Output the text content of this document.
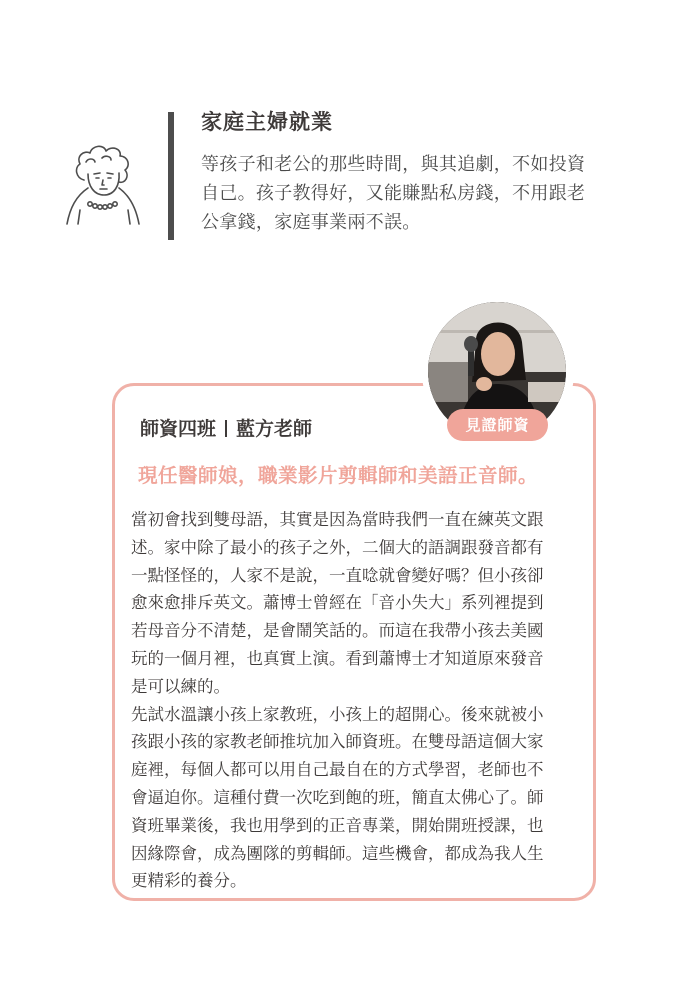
家庭主婦就業
等孩子和老公的那些時間，與其追劇，不如投資
自己。孩子教得好，又能賺點私房錢，不用跟老
公拿錢，家庭事業兩不誤。
見證師資
師資四班 藍方老師
現任醫師娘，職業影片剪輯師和美語正音師。
當初會找到雙母語，其實是因為當時我們一直在練英文跟
述。家中除了最小的孩子之外，二個大的語調跟發音都有
一點怪怪的，人家不是說，一直唸就會變好嗎？但小孩卻
愈來愈排斥英文。蕭博士曾經在「音小失大」系列裡提到
若母音分不清楚，是會鬧笑話的。而這在我帶小孩去美國
玩的一個月裡，也真實上演。看到蕭博士才知道原來發音
是可以練的。
先試水溫讓小孩上家教班，小孩上的超開心。後來就被小
孩跟小孩的家教老師推坑加入師資班。在雙母語這個大家
庭裡，每個人都可以用自己最自在的方式學習，老師也不
會逼迫你。這種付費一次吃到飽的班，簡直太佛心了。師
資班畢業後，我也用學到的正音專業，開始開班授課，也
因緣際會，成為團隊的剪輯師。這些機會，都成為我人生
更精彩的養分。
